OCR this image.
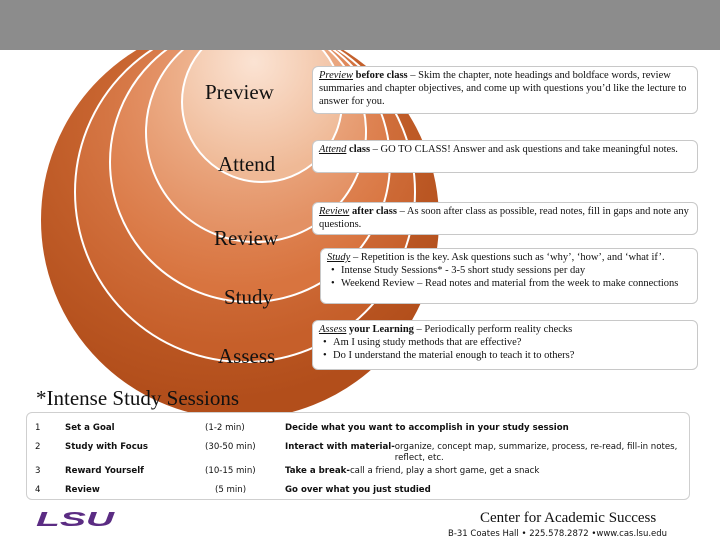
Preview
Attend
Review
Study
Assess
Preview before class – Skim the chapter, note headings and boldface words, review summaries and chapter objectives, and come up with questions you’d like the lecture to answer for you.
Attend class – GO TO CLASS! Answer and ask questions and take meaningful notes.
Review after class – As soon after class as possible, read notes, fill in gaps and note any questions.
Study – Repetition is the key. Ask questions such as ‘why’, ‘how’, and ‘what if’.
• Intense Study Sessions* - 3-5 short study sessions per day
• Weekend Review – Read notes and material from the week to make connections
Assess your Learning – Periodically perform reality checks
• Am I using study methods that are effective?
• Do I understand the material enough to teach it to others?
*Intense Study Sessions
1	Set a Goal	(1-2 min)	Decide what you want to accomplish in your study session
2	Study with Focus	(30-50 min)	Interact with material- organize, concept map, summarize, process, re-read, fill-in notes, reflect, etc.
3	Reward Yourself	(10-15 min)	Take a break- call a friend, play a short game, get a snack
4	Review	(5 min)	Go over what you just studied
LSU	Center for Academic Success
B-31 Coates Hall • 225.578.2872 •www.cas.lsu.edu
